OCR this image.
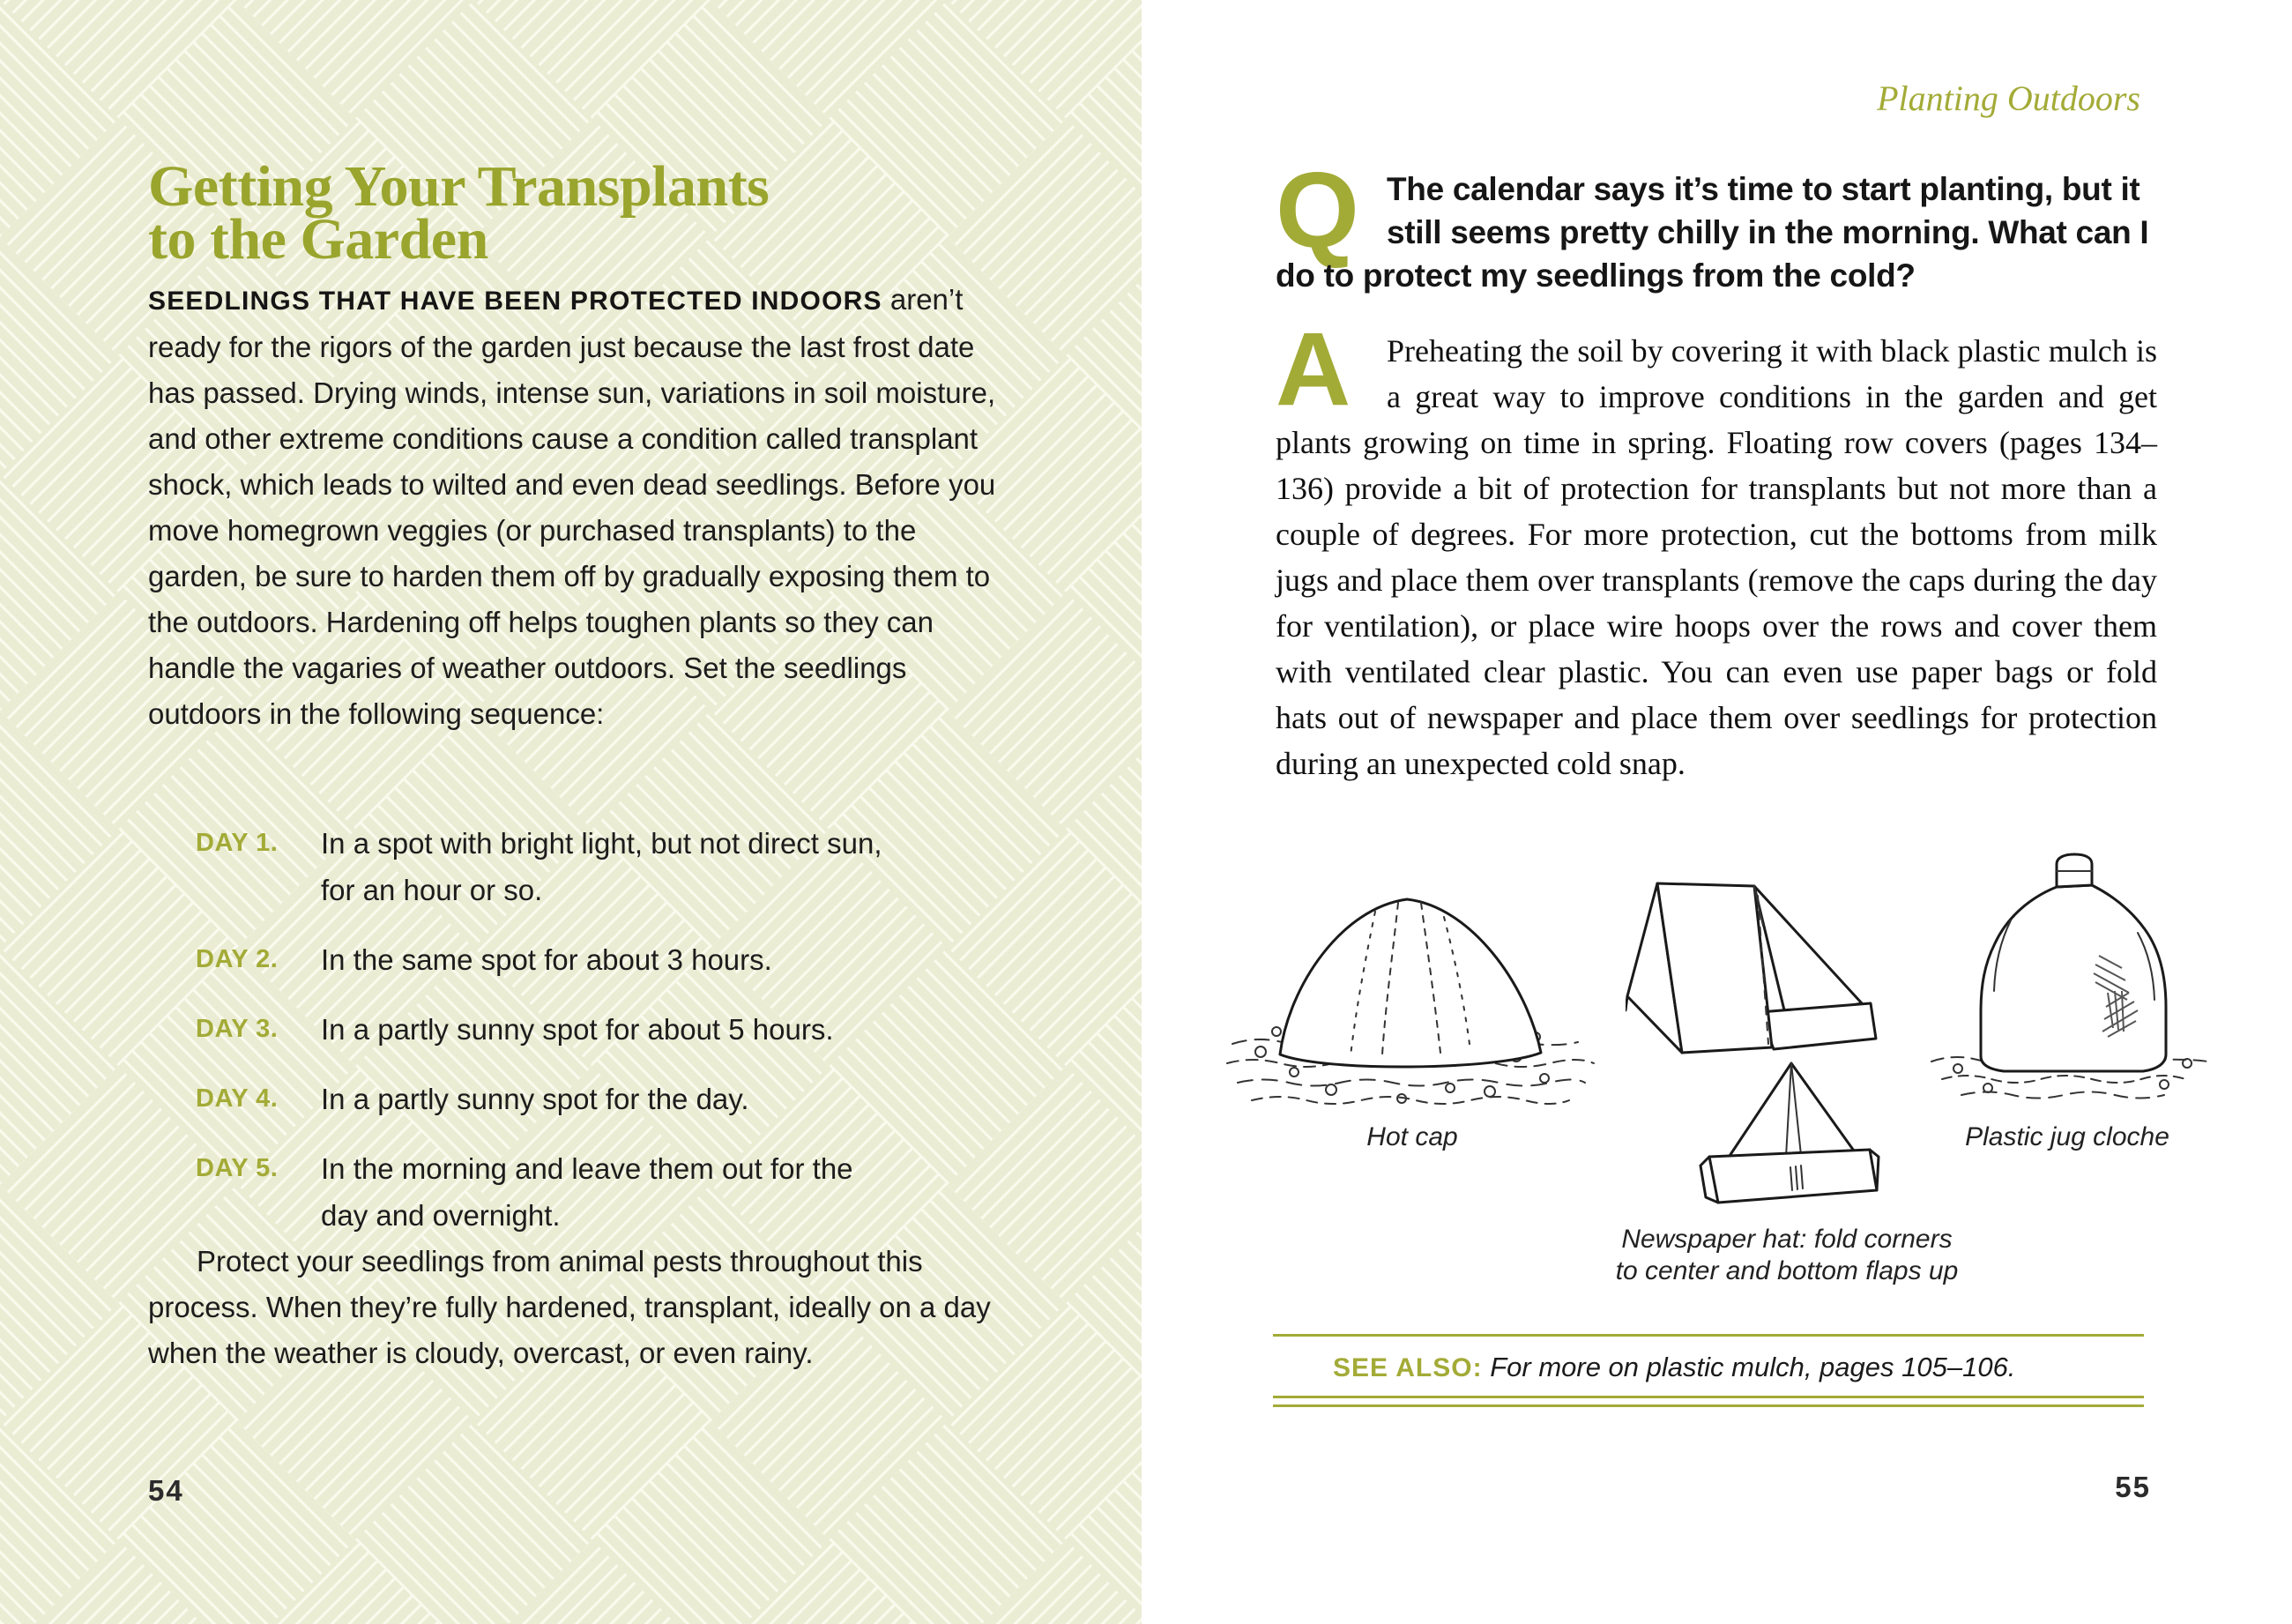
Getting Your Transplants
to the Garden

SEEDLINGS THAT HAVE BEEN PROTECTED INDOORS aren’t ready for the rigors of the garden just because the last frost date has passed. Drying winds, intense sun, variations in soil moisture, and other extreme conditions cause a condition called transplant shock, which leads to wilted and even dead seedlings. Before you move homegrown veggies (or purchased transplants) to the garden, be sure to harden them off by gradually exposing them to the outdoors. Hardening off helps toughen plants so they can handle the vagaries of weather outdoors. Set the seedlings outdoors in the following sequence:

DAY 1.	In a spot with bright light, but not direct sun, for an hour or so.
DAY 2.	In the same spot for about 3 hours.
DAY 3.	In a partly sunny spot for about 5 hours.
DAY 4.	In a partly sunny spot for the day.
DAY 5.	In the morning and leave them out for the day and overnight.

Protect your seedlings from animal pests throughout this process. When they’re fully hardened, transplant, ideally on a day when the weather is cloudy, overcast, or even rainy.

54
Planting Outdoors
Q The calendar says it’s time to start planting, but it still seems pretty chilly in the morning. What can I do to protect my seedlings from the cold?
A Preheating the soil by covering it with black plastic mulch is a great way to improve conditions in the garden and get plants growing on time in spring. Floating row covers (pages 134–136) provide a bit of protection for transplants but not more than a couple of degrees. For more protection, cut the bottoms from milk jugs and place them over transplants (remove the caps during the day for ventilation), or place wire hoops over the rows and cover them with ventilated clear plastic. You can even use paper bags or fold hats out of newspaper and place them over seedlings for protection during an unexpected cold snap.
Hot cap	Plastic jug cloche
Newspaper hat: fold corners
to center and bottom flaps up
SEE ALSO: For more on plastic mulch, pages 105–106.
55
